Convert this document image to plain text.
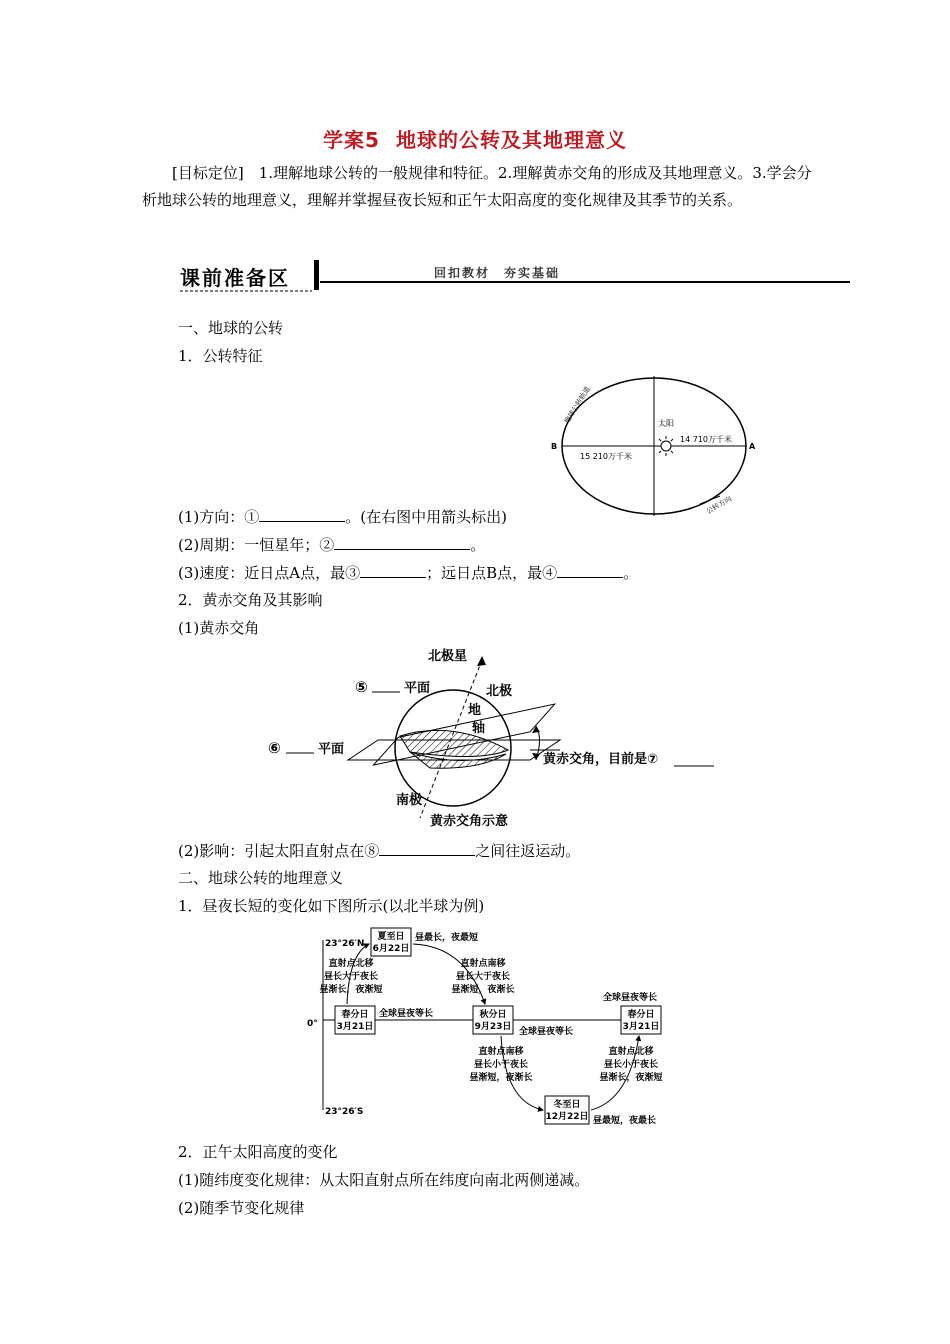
学案5 地球的公转及其地理意义
[目标定位]　1.理解地球公转的一般规律和特征。2.理解黄赤交角的形成及其地理意义。3.学会分析地球公转的地理意义，理解并掌握昼夜长短和正午太阳高度的变化规律及其季节的关系。
课前准备区	回扣教材　夯实基础
一、地球的公转
1．公转特征
(1)方向：①	。(在右图中用箭头标出)
(2)周期：一恒星年；②	。
(3)速度：近日点A点，最③	；远日点B点，最④	。
2．黄赤交角及其影响
(1)黄赤交角
太阳
B	A
15 210万千米
14 710万千米
地球公转轨道
公转方向
北极星
⑤	平面	北极
地
轴
⑥	平面
黄赤交角，目前是⑦
南极
黄赤交角示意
(2)影响：引起太阳直射点在⑧	之间往返运动。
二、地球公转的地理意义
1．昼夜长短的变化如下图所示(以北半球为例)
23°26′N
0°
23°26′S
夏至日
6月22日
昼最长，夜最短
春分日
3月21日
全球昼夜等长	秋分日
9月23日 全球昼夜等长
春分日
3月21日
全球昼夜等长
冬至日
12月22日 昼最短，夜最长
直射点北移
昼长大于夜长
昼渐长，夜渐短
直射点南移
昼长大于夜长
昼渐短，夜渐长
直射点南移
昼长小于夜长
昼渐短，夜渐长
直射点北移
昼长小于夜长
昼渐长，夜渐短
2．正午太阳高度的变化
(1)随纬度变化规律：从太阳直射点所在纬度向南北两侧递减。
(2)随季节变化规律
